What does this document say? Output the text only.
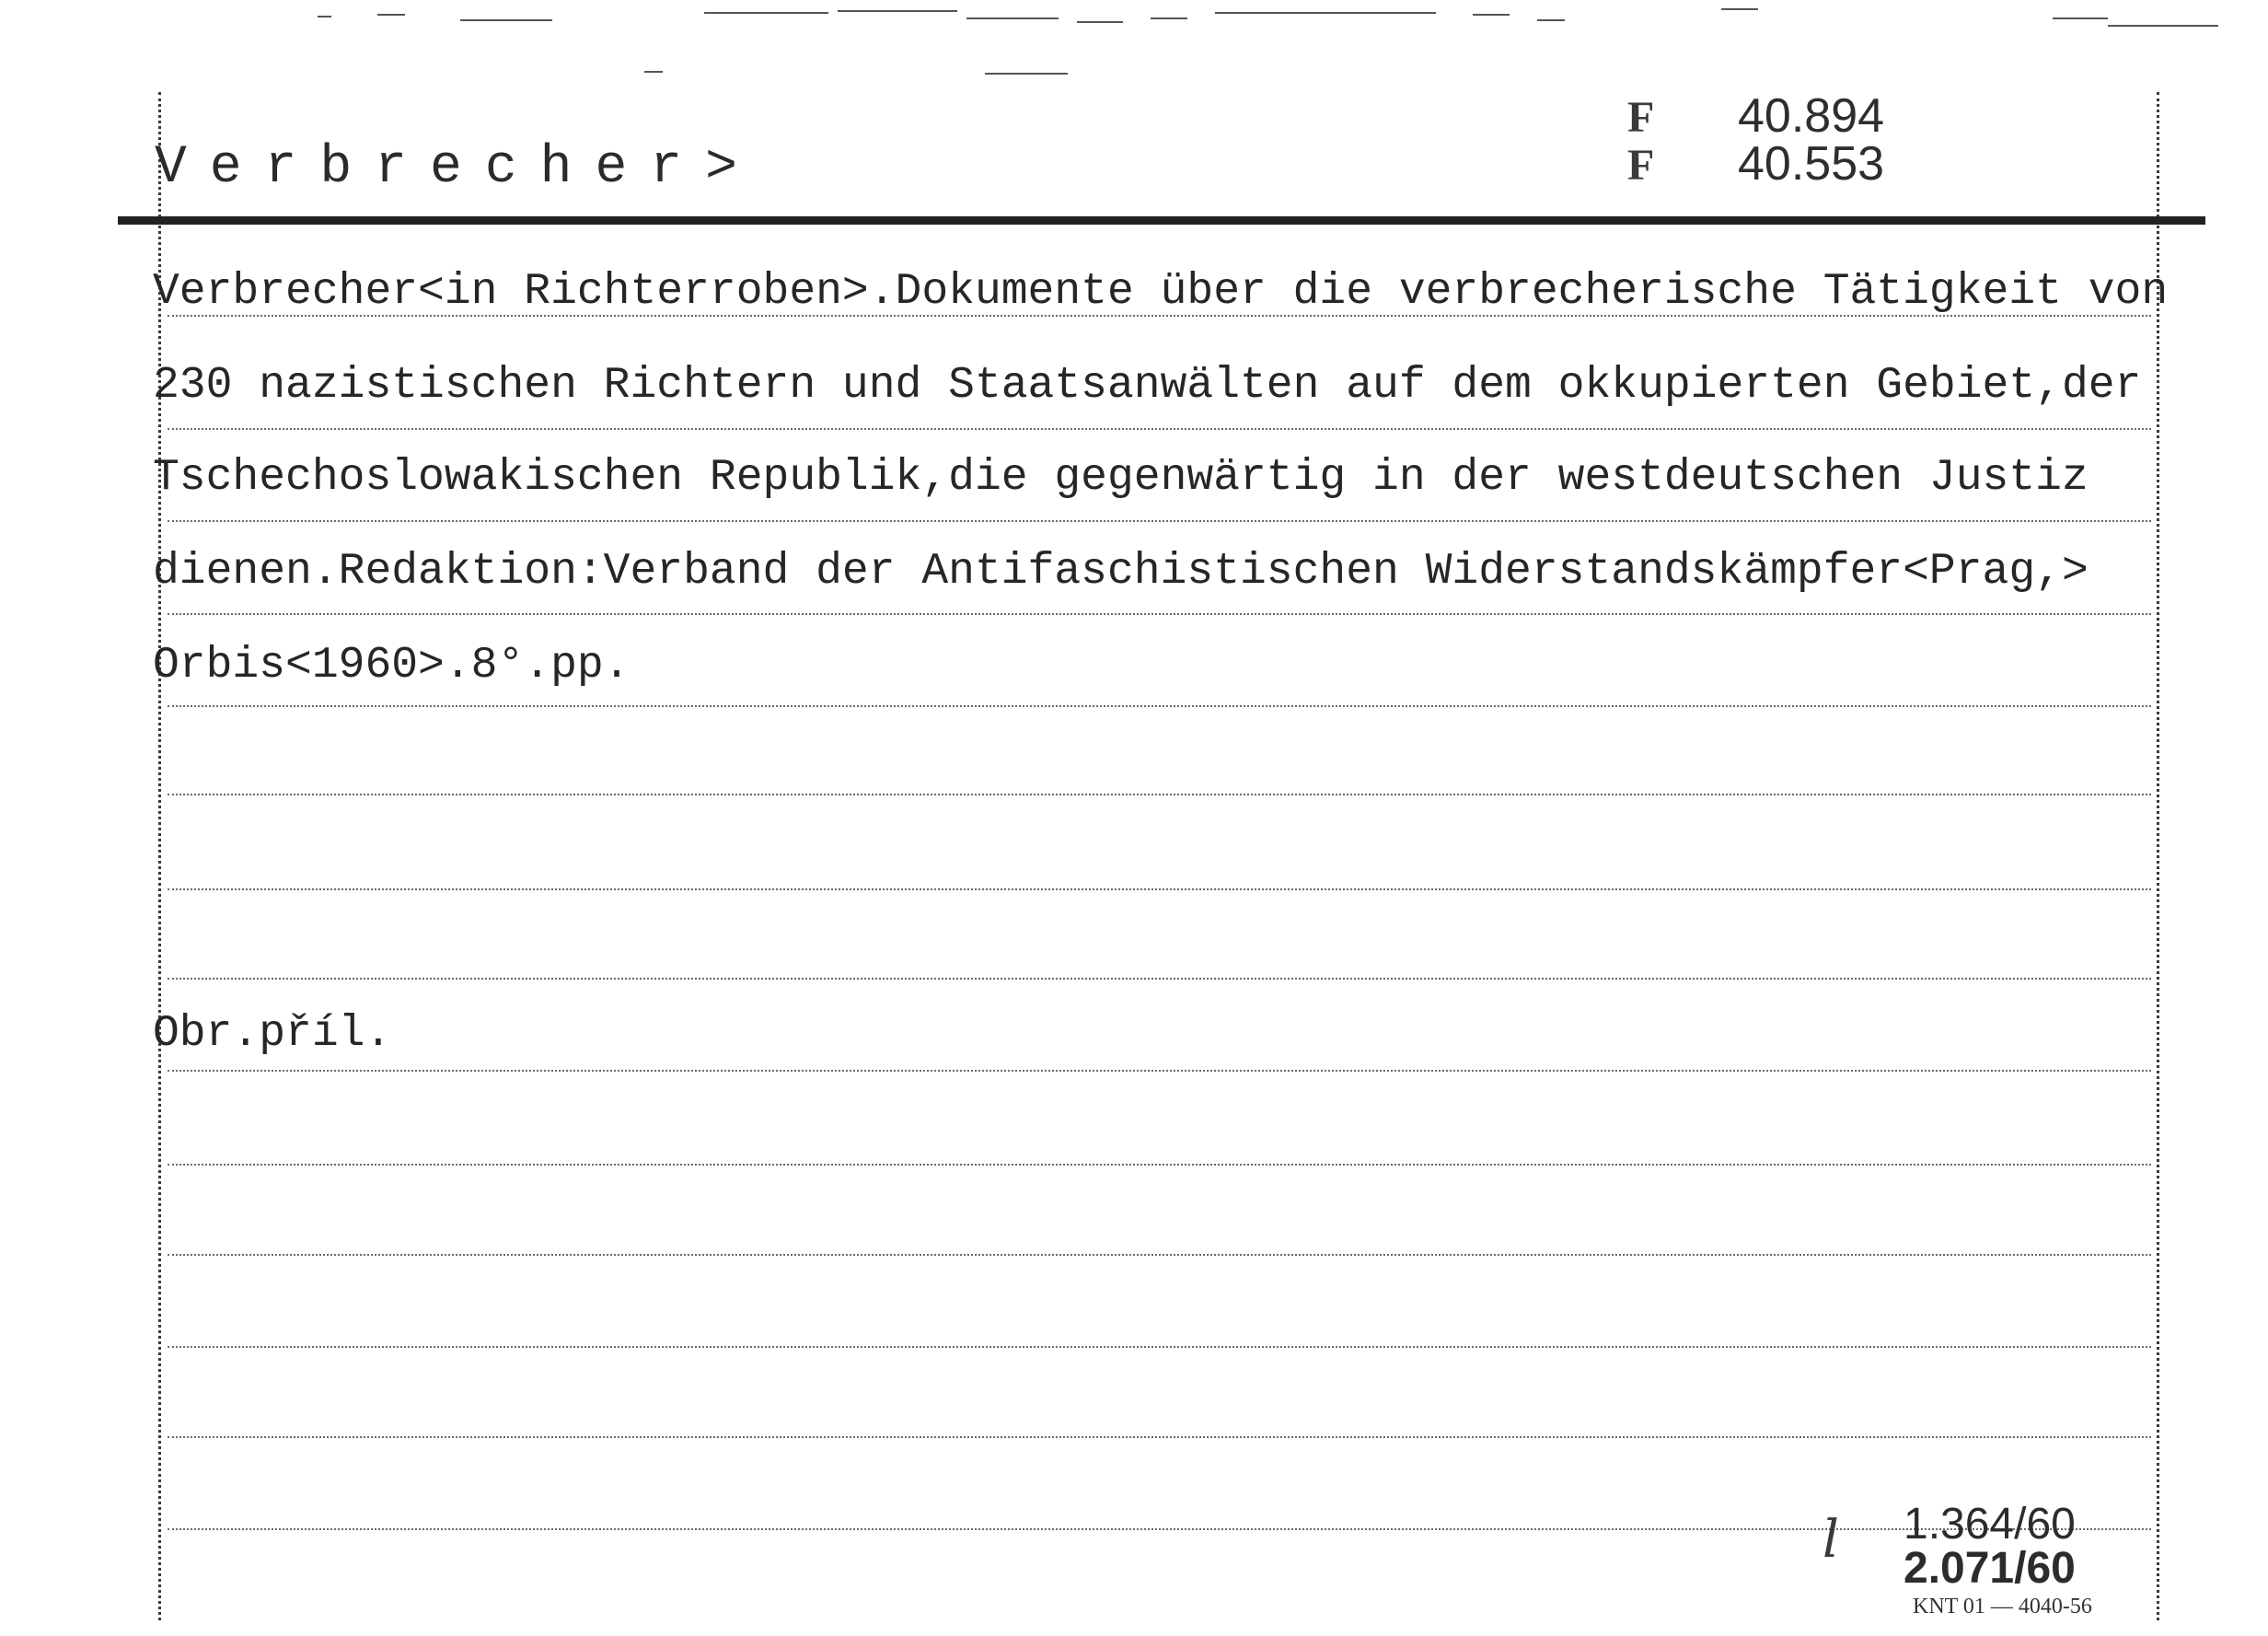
Verbrecher>
F 40.894
F 40.553
Verbrecher<in Richterroben>.Dokumente über die verbrecherische Tätigkeit von
230 nazistischen Richtern und Staatsanwälten auf dem okkupierten Gebiet,der
Tschechoslowakischen Republik,die gegenwärtig in der westdeutschen Justiz
dienen.Redaktion:Verband der Antifaschistischen Widerstandskämpfer<Prag,>
Orbis<1960>.8°.pp.
Obr.příl.
l 1.364/60
2.071/60
KNT 01 — 4040-56
